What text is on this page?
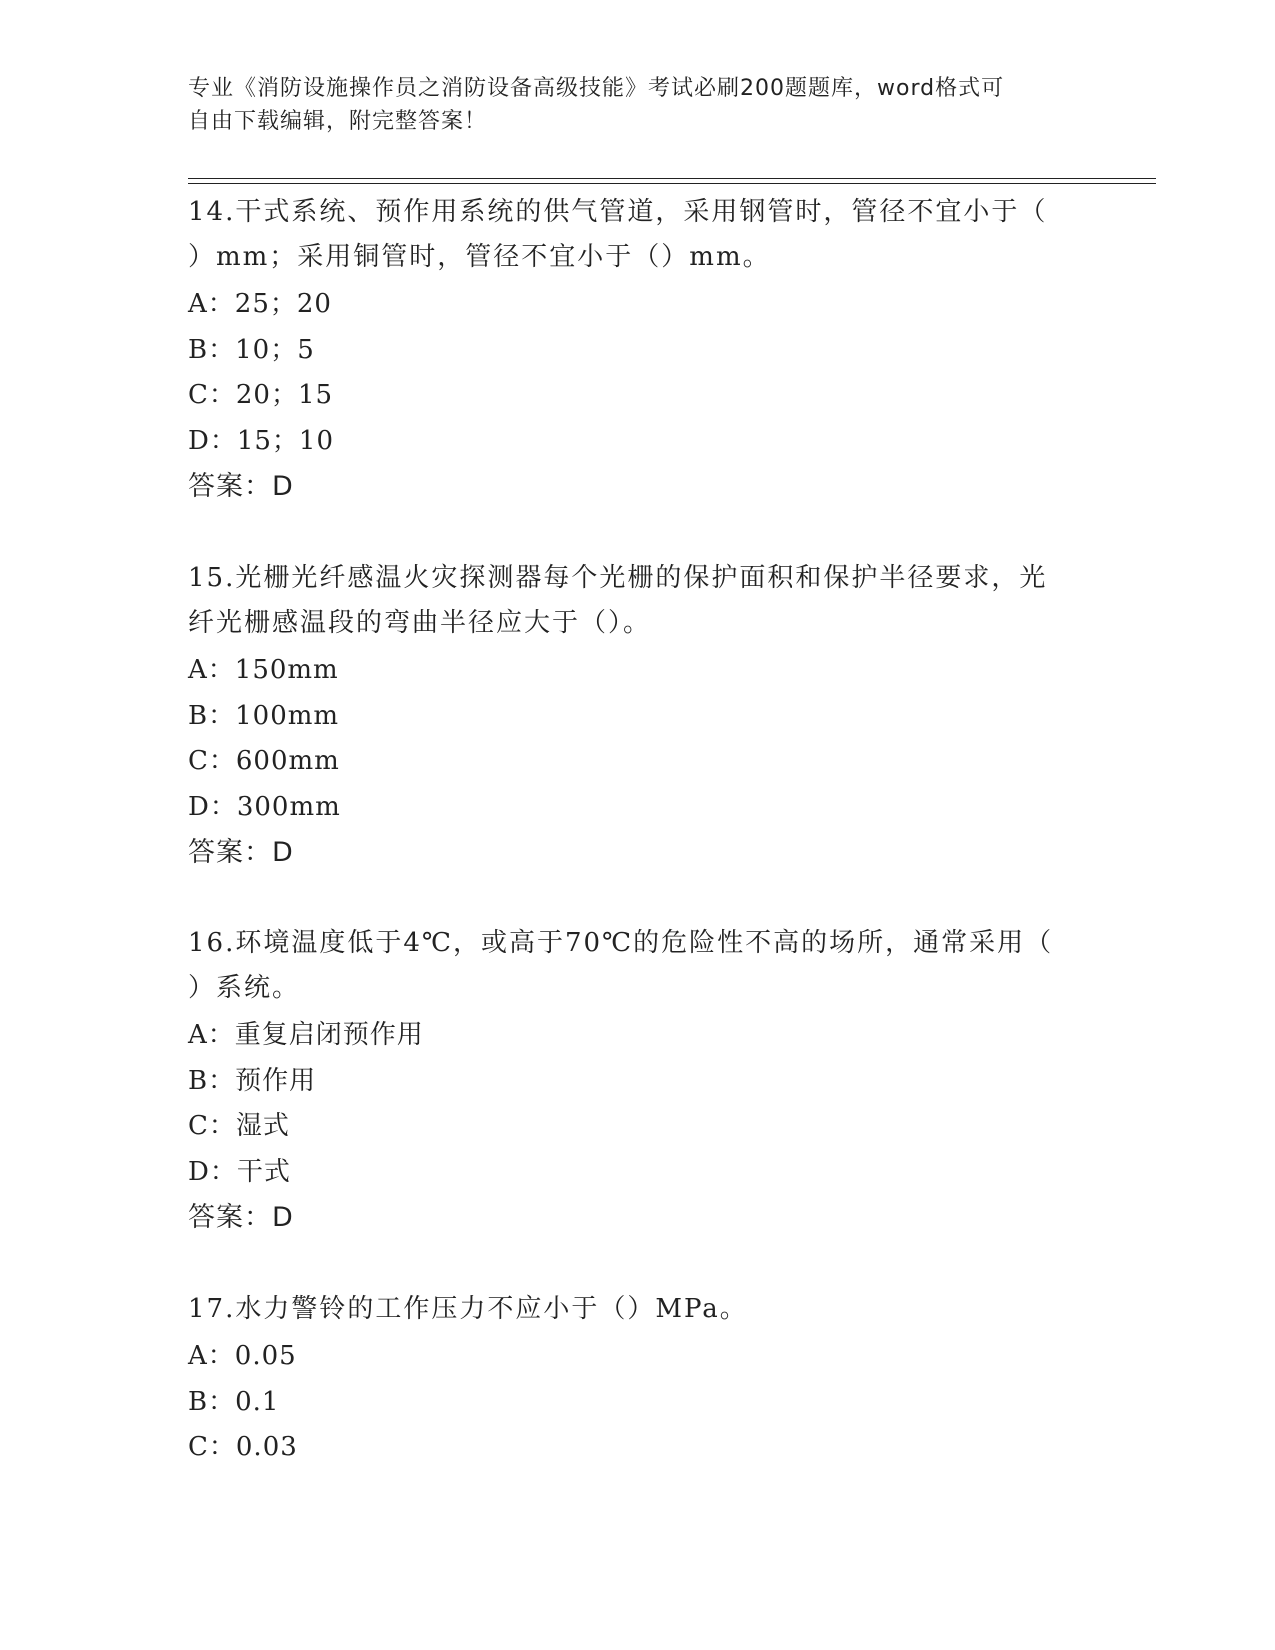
专业《消防设施操作员之消防设备高级技能》考试必刷200题题库，word格式可
自由下载编辑，附完整答案！
14.干式系统、预作用系统的供气管道，采用钢管时，管径不宜小于（
）mm；采用铜管时，管径不宜小于（）mm。
A：25；20
B：10；5
C：20；15
D：15；10
答案：D
15.光栅光纤感温火灾探测器每个光栅的保护面积和保护半径要求，光
纤光栅感温段的弯曲半径应大于（）。
A：150mm
B：100mm
C：600mm
D：300mm
答案：D
16.环境温度低于4℃，或高于70℃的危险性不高的场所，通常采用（
）系统。
A：重复启闭预作用
B：预作用
C：湿式
D：干式
答案：D
17.水力警铃的工作压力不应小于（）MPa。
A：0.05
B：0.1
C：0.03
